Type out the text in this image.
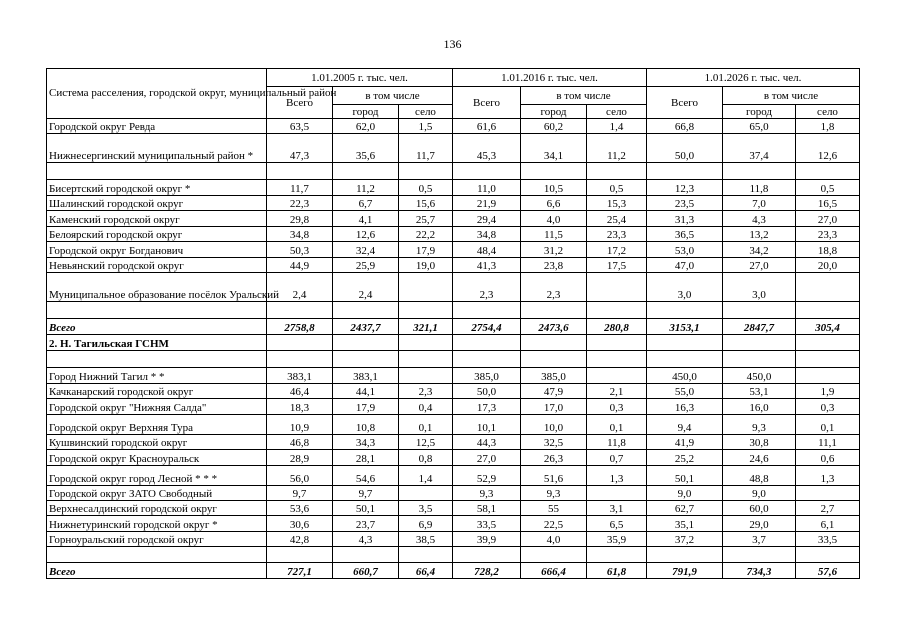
136
Система расселения, городской округ, муниципальный район	1.01.2005 г. тыс. чел.			1.01.2016 г. тыс. чел.			1.01.2026 г. тыс. чел.		
	Всего	в том числе		Всего	в том числе		Всего	в том числе	
		город	село		город	село		город	село
Городской округ Ревда	63,5	62,0	1,5	61,6	60,2	1,4	66,8	65,0	1,8
Нижнесергинский муниципальный район *	47,3	35,6	11,7	45,3	34,1	11,2	50,0	37,4	12,6

Бисертский городской округ *	11,7	11,2	0,5	11,0	10,5	0,5	12,3	11,8	0,5
Шалинский городской округ	22,3	6,7	15,6	21,9	6,6	15,3	23,5	7,0	16,5
Каменский городской округ	29,8	4,1	25,7	29,4	4,0	25,4	31,3	4,3	27,0
Белоярский городской округ	34,8	12,6	22,2	34,8	11,5	23,3	36,5	13,2	23,3
Городской округ Богданович	50,3	32,4	17,9	48,4	31,2	17,2	53,0	34,2	18,8
Невьянский городской округ	44,9	25,9	19,0	41,3	23,8	17,5	47,0	27,0	20,0
Муниципальное образование посёлок Уральский	2,4	2,4		2,3	2,3		3,0	3,0	

Всего	2758,8	2437,7	321,1	2754,4	2473,6	280,8	3153,1	2847,7	305,4
2. Н. Тагильская ГСНМ									

Город Нижний Тагил * *	383,1	383,1		385,0	385,0		450,0	450,0	
Качканарский городской округ	46,4	44,1	2,3	50,0	47,9	2,1	55,0	53,1	1,9
Городской округ "Нижняя Салда"	18,3	17,9	0,4	17,3	17,0	0,3	16,3	16,0	0,3
Городской округ Верхняя Тура	10,9	10,8	0,1	10,1	10,0	0,1	9,4	9,3	0,1
Кушвинский городской округ	46,8	34,3	12,5	44,3	32,5	11,8	41,9	30,8	11,1
Городской округ Красноуральск	28,9	28,1	0,8	27,0	26,3	0,7	25,2	24,6	0,6
Городской округ город Лесной * * *	56,0	54,6	1,4	52,9	51,6	1,3	50,1	48,8	1,3
Городской округ ЗАТО Свободный	9,7	9,7		9,3	9,3		9,0	9,0	
Верхнесалдинский городской округ	53,6	50,1	3,5	58,1	55	3,1	62,7	60,0	2,7
Нижнетуринский городской округ *	30,6	23,7	6,9	33,5	22,5	6,5	35,1	29,0	6,1
Горноуральский городской округ	42,8	4,3	38,5	39,9	4,0	35,9	37,2	3,7	33,5

Всего	727,1	660,7	66,4	728,2	666,4	61,8	791,9	734,3	57,6
